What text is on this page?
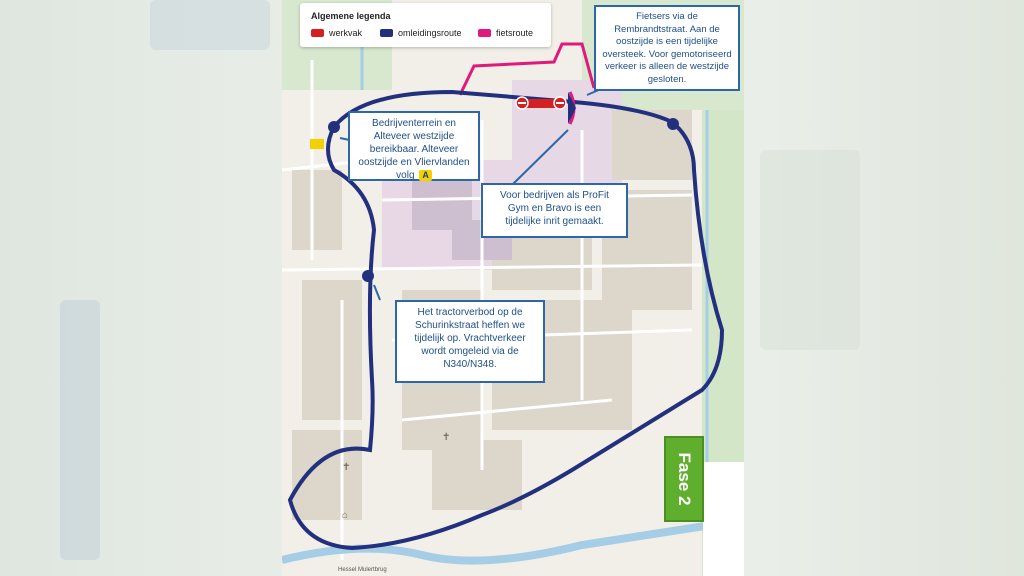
✝
✝
⌂
Hessel Mulertbrug
Algemene legenda
werkvak	omleidingsroute	fietsroute
Fietsers via de Rembrandtstraat. Aan de oostzijde is een tijdelijke oversteek. Voor gemotoriseerd verkeer is alleen de westzijde gesloten.
Bedrijventerrein en Alteveer westzijde bereikbaar. Alteveer oostzijde en Vliervlanden volg A
Voor bedrijven als ProFit Gym en Bravo is een tijdelijke inrit gemaakt.
Het tractorverbod op de Schurinkstraat heffen we tijdelijk op. Vrachtverkeer wordt omgeleid via de N340/N348.
Fase 2
